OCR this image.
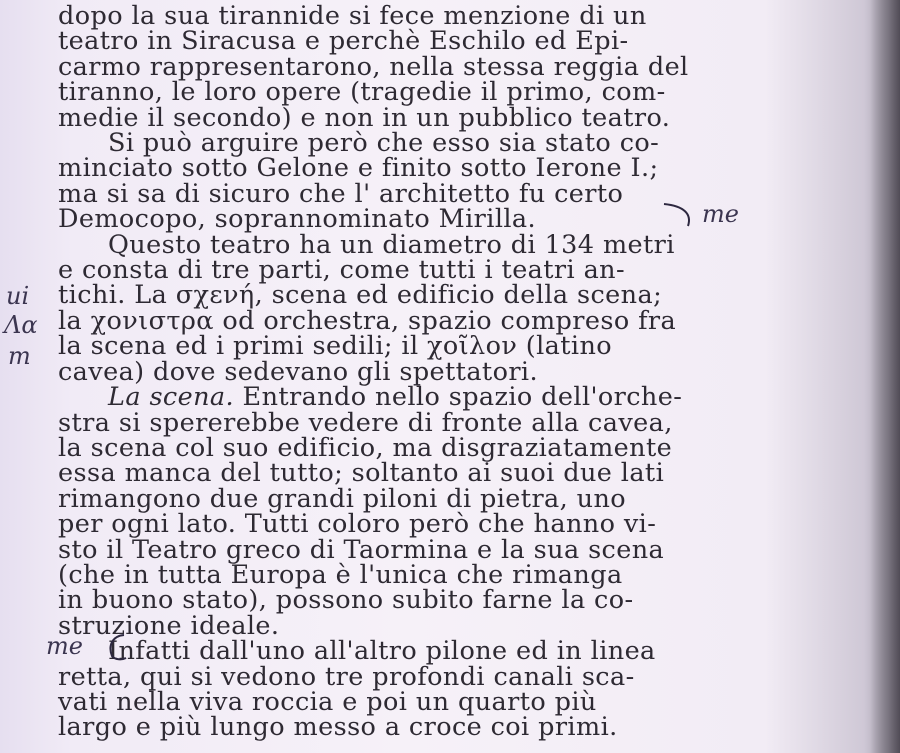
dopo la sua tirannide si fece menzione di un
teatro in Siracusa e perchè Eschilo ed Epi-
carmo rappresentarono, nella stessa reggia del
tiranno, le loro opere (tragedie il primo, com-
medie il secondo) e non in un pubblico teatro.

Si può arguire però che esso sia stato co-
minciato sotto Gelone e finito sotto Ierone I.;
ma si sa di sicuro che l' architetto fu certo
Democopo, soprannominato Mirilla.

Questo teatro ha un diametro di 134 metri
e consta di tre parti, come tutti i teatri an-
tichi. La σχενή, scena ed edificio della scena;
la χονιστρα od orchestra, spazio compreso fra
la scena ed i primi sedili; il χοῖλον (latino
cavea) dove sedevano gli spettatori.

La scena. Entrando nello spazio dell'orche-
stra si spererebbe vedere di fronte alla cavea,
la scena col suo edificio, ma disgraziatamente
essa manca del tutto; soltanto ai suoi due lati
rimangono due grandi piloni di pietra, uno
per ogni lato. Tutti coloro però che hanno vi-
sto il Teatro greco di Taormina e la sua scena
(che in tutta Europa è l'unica che rimanga
in buono stato), possono subito farne la co-
struzione ideale.

Infatti dall'uno all'altro pilone ed in linea
retta, qui si vedono tre profondi canali sca-
vati nella viva roccia e poi un quarto più
largo e più lungo messo a croce coi primi.

ui
Λα
m
me
me
